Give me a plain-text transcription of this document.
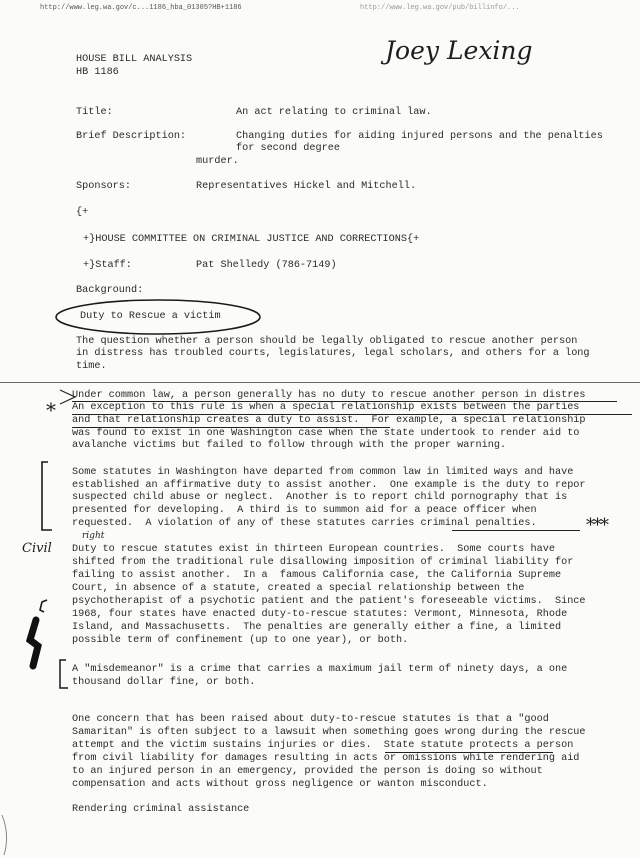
http://www.leg.wa.gov/c...1186_hba_01305?HB+1186	http://www.leg.wa.gov/pub/billinfo/...
Joey Lexing
Civil
right
*
***
HOUSE BILL ANALYSIS
HB 1186
Title:	An act relating to criminal law.
Brief Description:	Changing duties for aiding injured persons and the penalties
for second degree
murder.
Sponsors:	Representatives Hickel and Mitchell.
{+
+}HOUSE COMMITTEE ON CRIMINAL JUSTICE AND CORRECTIONS{+
+}Staff:	Pat Shelledy (786-7149)
Background:
Duty to Rescue a victim
The question whether a person should be legally obligated to rescue another person
in distress has troubled courts, legislatures, legal scholars, and others for a long
time.
Under common law, a person generally has no duty to rescue another person in distres
An exception to this rule is when a special relationship exists between the parties
and that relationship creates a duty to assist.  For example, a special relationship
was found to exist in one Washington case when the state undertook to render aid to
avalanche victims but failed to follow through with the proper warning.
Some statutes in Washington have departed from common law in limited ways and have
established an affirmative duty to assist another.  One example is the duty to repor
suspected child abuse or neglect.  Another is to report child pornography that is
presented for developing.  A third is to summon aid for a peace officer when
requested.  A violation of any of these statutes carries criminal penalties.
Duty to rescue statutes exist in thirteen European countries.  Some courts have
shifted from the traditional rule disallowing imposition of criminal liability for
failing to assist another.  In a  famous California case, the California Supreme
Court, in absence of a statute, created a special relationship between the
psychotherapist of a psychotic patient and the patient's foreseeable victims.  Since
1968, four states have enacted duty-to-rescue statutes: Vermont, Minnesota, Rhode
Island, and Massachusetts.  The penalties are generally either a fine, a limited
possible term of confinement (up to one year), or both.
A "misdemeanor" is a crime that carries a maximum jail term of ninety days, a one
thousand dollar fine, or both.
One concern that has been raised about duty-to-rescue statutes is that a "good
Samaritan" is often subject to a lawsuit when something goes wrong during the rescue
attempt and the victim sustains injuries or dies.  State statute protects a person
from civil liability for damages resulting in acts or omissions while rendering aid
to an injured person in an emergency, provided the person is doing so without
compensation and acts without gross negligence or wanton misconduct.
Rendering criminal assistance
